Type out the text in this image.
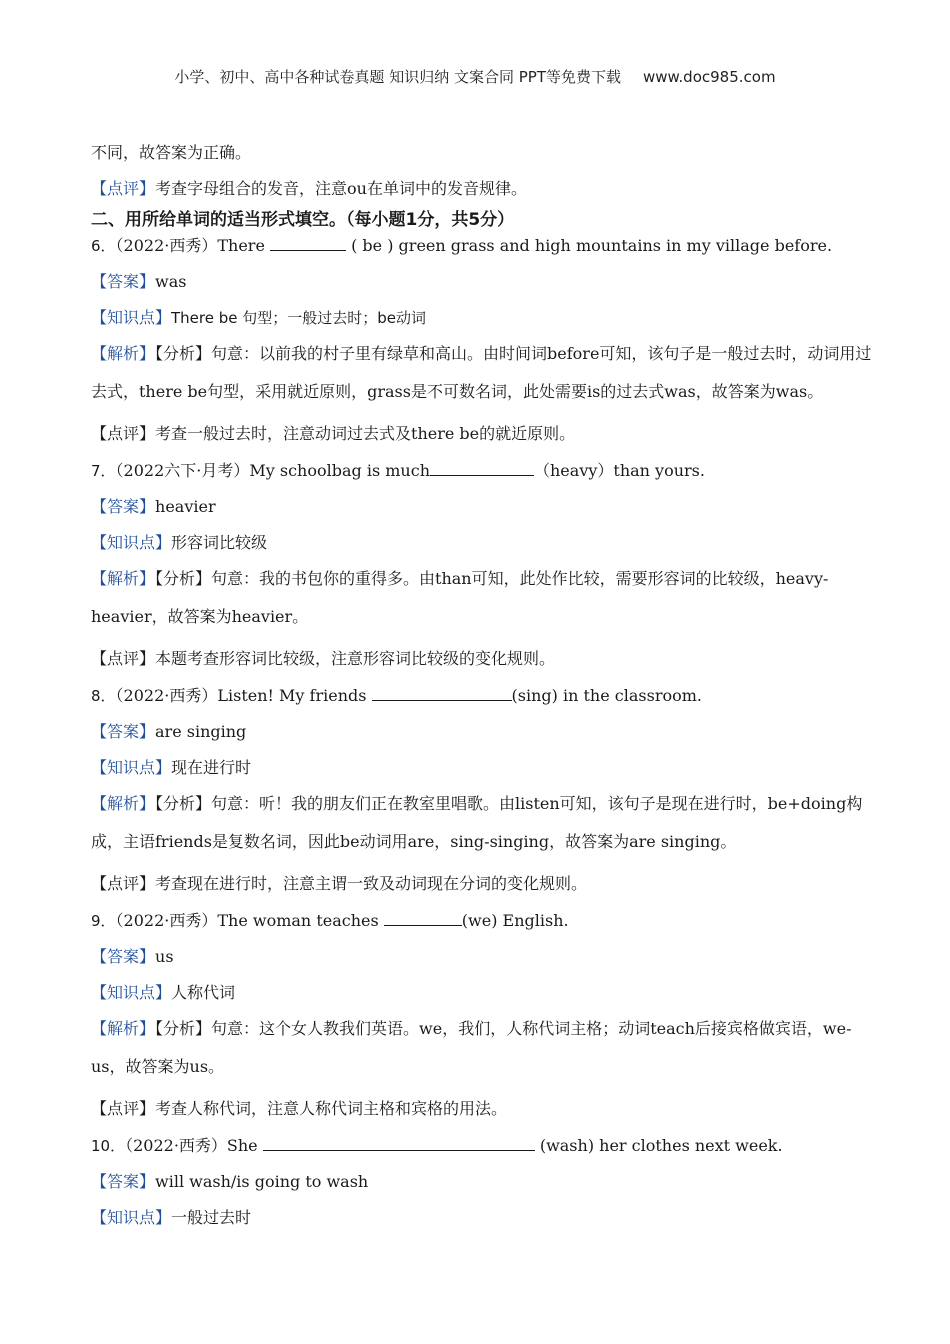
小学、初中、高中各种试卷真题 知识归纳 文案合同 PPT等免费下载 www.doc985.com

不同，故答案为正确。

【点评】考查字母组合的发音，注意ou在单词中的发音规律。

二、用所给单词的适当形式填空。（每小题1分，共5分）

6．（2022·西秀）There	( be ) green grass and high mountains in my village before.

【答案】was

【知识点】There be 句型；一般过去时；be动词

【解析】【分析】句意：以前我的村子里有绿草和高山。由时间词before可知，该句子是一般过去时，动词用过去式，there be句型，采用就近原则，grass是不可数名词，此处需要is的过去式was，故答案为was。

【点评】考查一般过去时，注意动词过去式及there be的就近原则。

7．（2022六下·月考）My schoolbag is much	（heavy）than yours.

【答案】heavier

【知识点】形容词比较级

【解析】【分析】句意：我的书包你的重得多。由than可知，此处作比较，需要形容词的比较级，heavy-heavier，故答案为heavier。

【点评】本题考查形容词比较级，注意形容词比较级的变化规则。

8．（2022·西秀）Listen! My friends	(sing) in the classroom.

【答案】are singing

【知识点】现在进行时

【解析】【分析】句意：听！我的朋友们正在教室里唱歌。由listen可知，该句子是现在进行时，be+doing构成，主语friends是复数名词，因此be动词用are，sing-singing，故答案为are singing。

【点评】考查现在进行时，注意主谓一致及动词现在分词的变化规则。

9．（2022·西秀）The woman teaches	(we) English.

【答案】us

【知识点】人称代词

【解析】【分析】句意：这个女人教我们英语。we，我们，人称代词主格；动词teach后接宾格做宾语，we-us，故答案为us。

【点评】考查人称代词，注意人称代词主格和宾格的用法。

10．（2022·西秀）She	(wash) her clothes next week.

【答案】will wash/is going to wash

【知识点】一般过去时
